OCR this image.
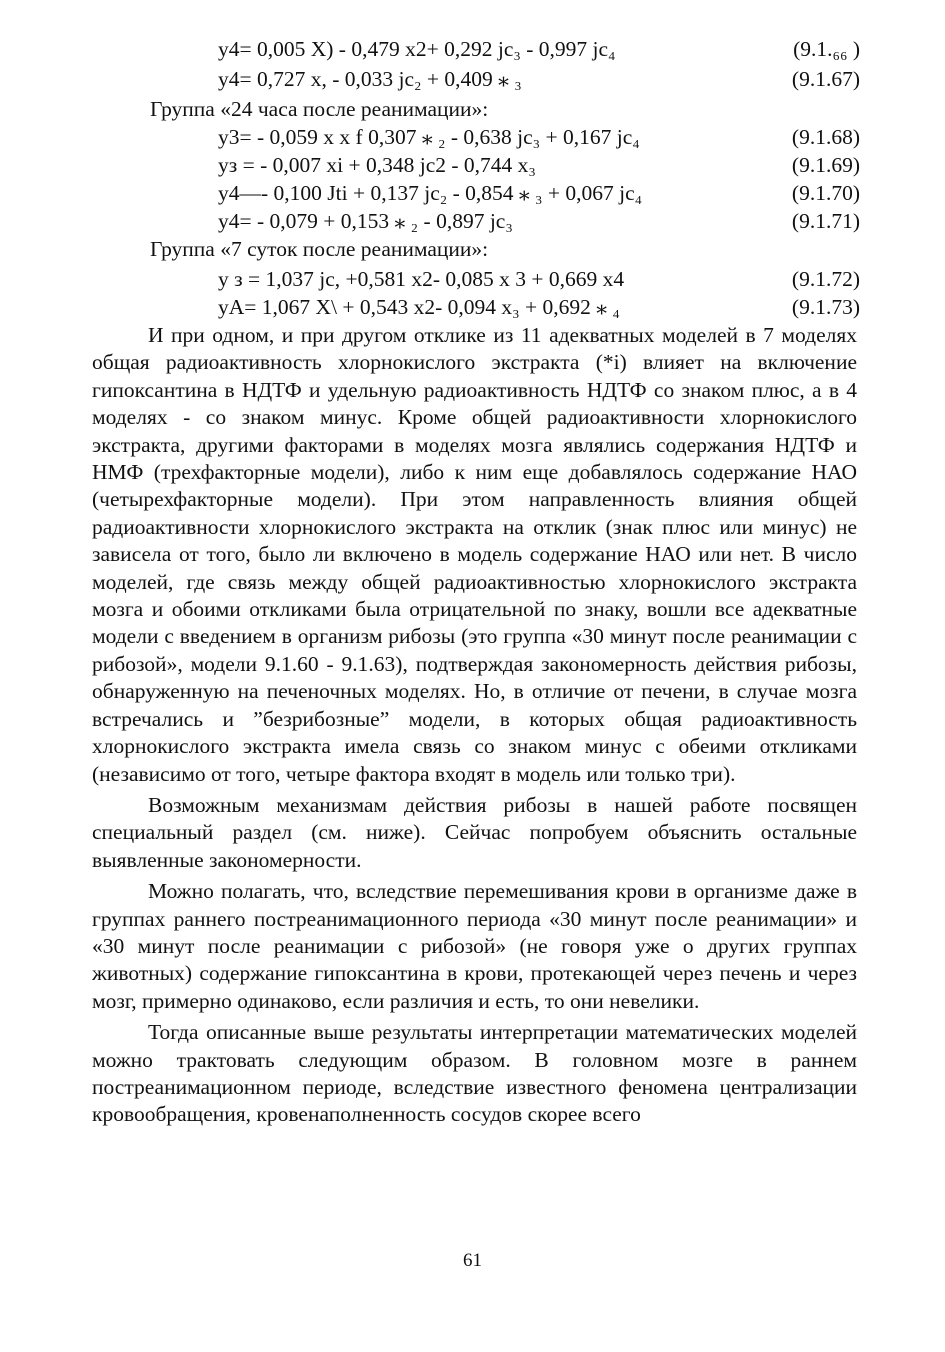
у4= 0,005 Х) - 0,479 х2+ 0,292 jc₃ - 0,997 jc₄	(9.1.₆₆ )
у4= 0,727 х, - 0,033 jc₂ + 0,409 ⁎ ₃	(9.1.67)
Группа «24 часа после реанимации»:
у3= - 0,059 х х f 0,307 ⁎ ₂ - 0,638 jc₃ + 0,167 jc₄	(9.1.68)
уз = - 0,007 xi + 0,348 jc2 - 0,744 х₃	(9.1.69)
у4—- 0,100 Jti + 0,137 jc₂ - 0,854 ⁎ ₃ + 0,067 jc₄	(9.1.70)
у4= - 0,079 + 0,153 ⁎ ₂ - 0,897 jc₃	(9.1.71)
Группа «7 суток после реанимации»:
у з = 1,037 jc, +0,581 х2- 0,085 х 3 + 0,669 х4	(9.1.72)
уA= 1,067 Х\ + 0,543 х2- 0,094 х₃ + 0,692 ⁎ ₄	(9.1.73)

И при одном, и при другом отклике из 11 адекватных моделей в 7 моделях общая радиоактивность хлорнокислого экстракта (*i) влияет на включение гипоксантина в НДТФ и удельную радиоактивность НДТФ со знаком плюс, а в 4 моделях - со знаком минус. Кроме общей радиоактивности хлорнокислого экстракта, другими факторами в моделях мозга являлись содержания НДТФ и НМФ (трехфакторные модели), либо к ним еще добавлялось содержание НАО (четырехфакторные модели). При этом направленность влияния общей радиоактивности хлорнокислого экстракта на отклик (знак плюс или минус) не зависела от того, было ли включено в модель содержание НАО или нет. В число моделей, где связь между общей радиоактивностью хлорнокислого экстракта мозга и обоими откликами была отрицательной по знаку, вошли все адекватные модели с введением в организм рибозы (это группа «30 минут после реанимации с рибозой», модели 9.1.60 - 9.1.63), подтверждая закономерность действия рибозы, обнаруженную на печеночных моделях. Но, в отличие от печени, в случае мозга встречались и ”безрибозные” модели, в которых общая радиоактивность хлорнокислого экстракта имела связь со знаком минус с обеими откликами (независимо от того, четыре фактора входят в модель или только три).

Возможным механизмам действия рибозы в нашей работе посвящен специальный раздел (см. ниже). Сейчас попробуем объяснить остальные выявленные закономерности.

Можно полагать, что, вследствие перемешивания крови в организме даже в группах раннего постреанимационного периода «30 минут после реанимации» и «30 минут после реанимации с рибозой» (не говоря уже о других группах животных) содержание гипоксантина в крови, протекающей через печень и через мозг, примерно одинаково, если различия и есть, то они невелики.

Тогда описанные выше результаты интерпретации математических моделей можно трактовать следующим образом. В головном мозге в раннем постреанимационном периоде, вследствие известного феномена централизации кровообращения, кровенаполненность сосудов скорее всего

61
